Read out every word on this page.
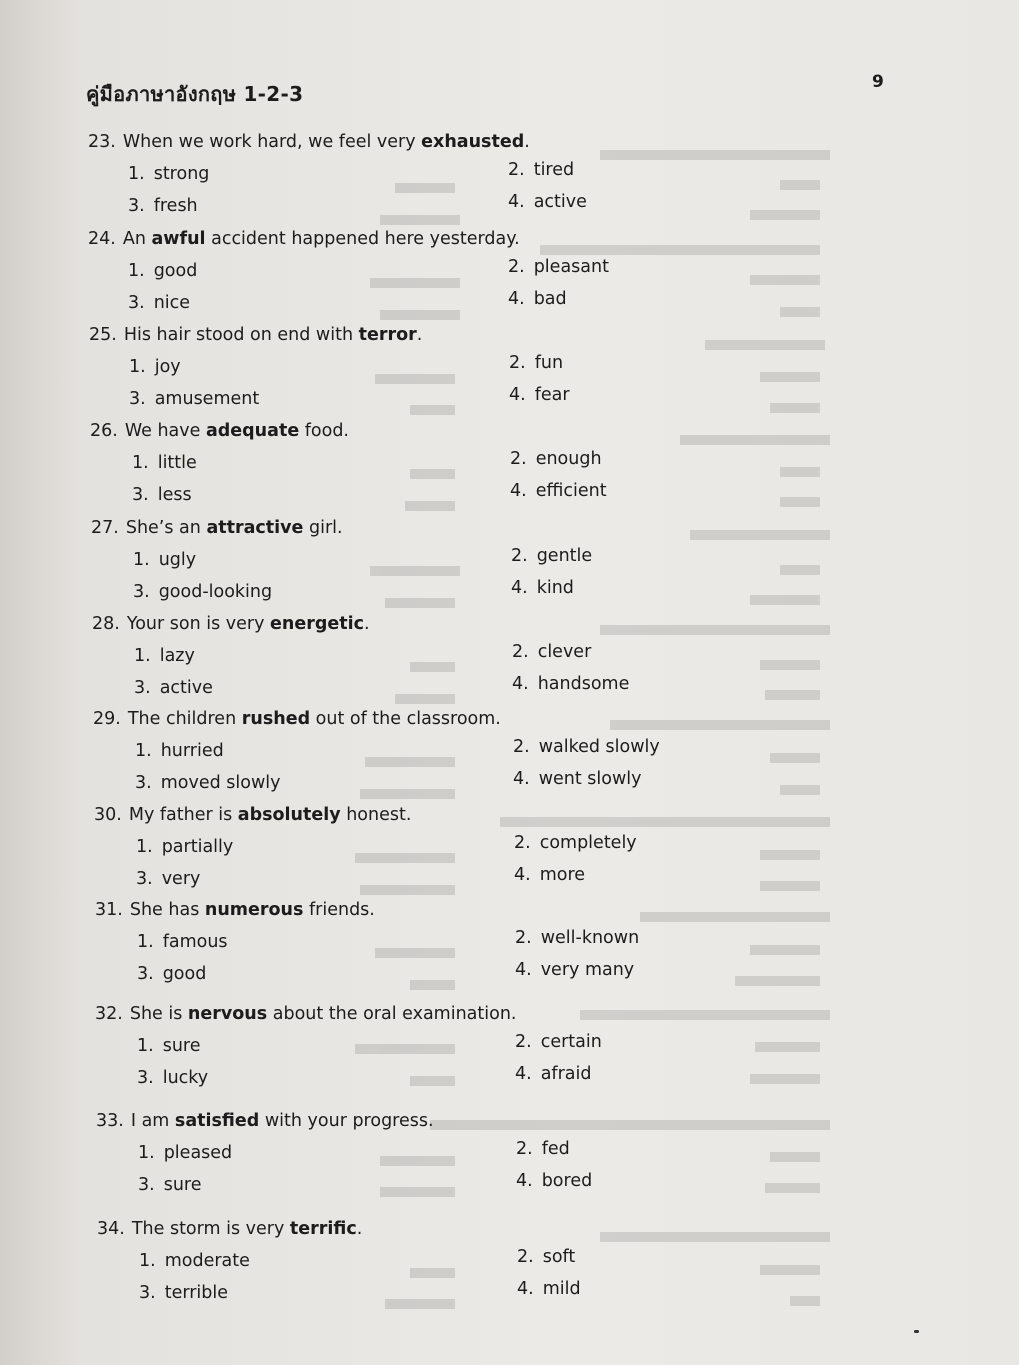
คู่มือภาษาอังกฤษ 1-2-3	9
23. When we work hard, we feel very exhausted.
1. strong	2. tired
3. fresh	4. active
24. An awful accident happened here yesterday.
1. good	2. pleasant
3. nice	4. bad
25. His hair stood on end with terror.
1. joy	2. fun
3. amusement	4. fear
26. We have adequate food.
1. little	2. enough
3. less	4. efficient
27. She’s an attractive girl.
1. ugly	2. gentle
3. good-looking	4. kind
28. Your son is very energetic.
1. lazy	2. clever
3. active	4. handsome
29. The children rushed out of the classroom.
1. hurried	2. walked slowly
3. moved slowly	4. went slowly
30. My father is absolutely honest.
1. partially	2. completely
3. very	4. more
31. She has numerous friends.
1. famous	2. well-known
3. good	4. very many
32. She is nervous about the oral examination.
1. sure	2. certain
3. lucky	4. afraid
33. I am satisfied with your progress.
1. pleased	2. fed
3. sure	4. bored
34. The storm is very terrific.
1. moderate	2. soft
3. terrible	4. mild
